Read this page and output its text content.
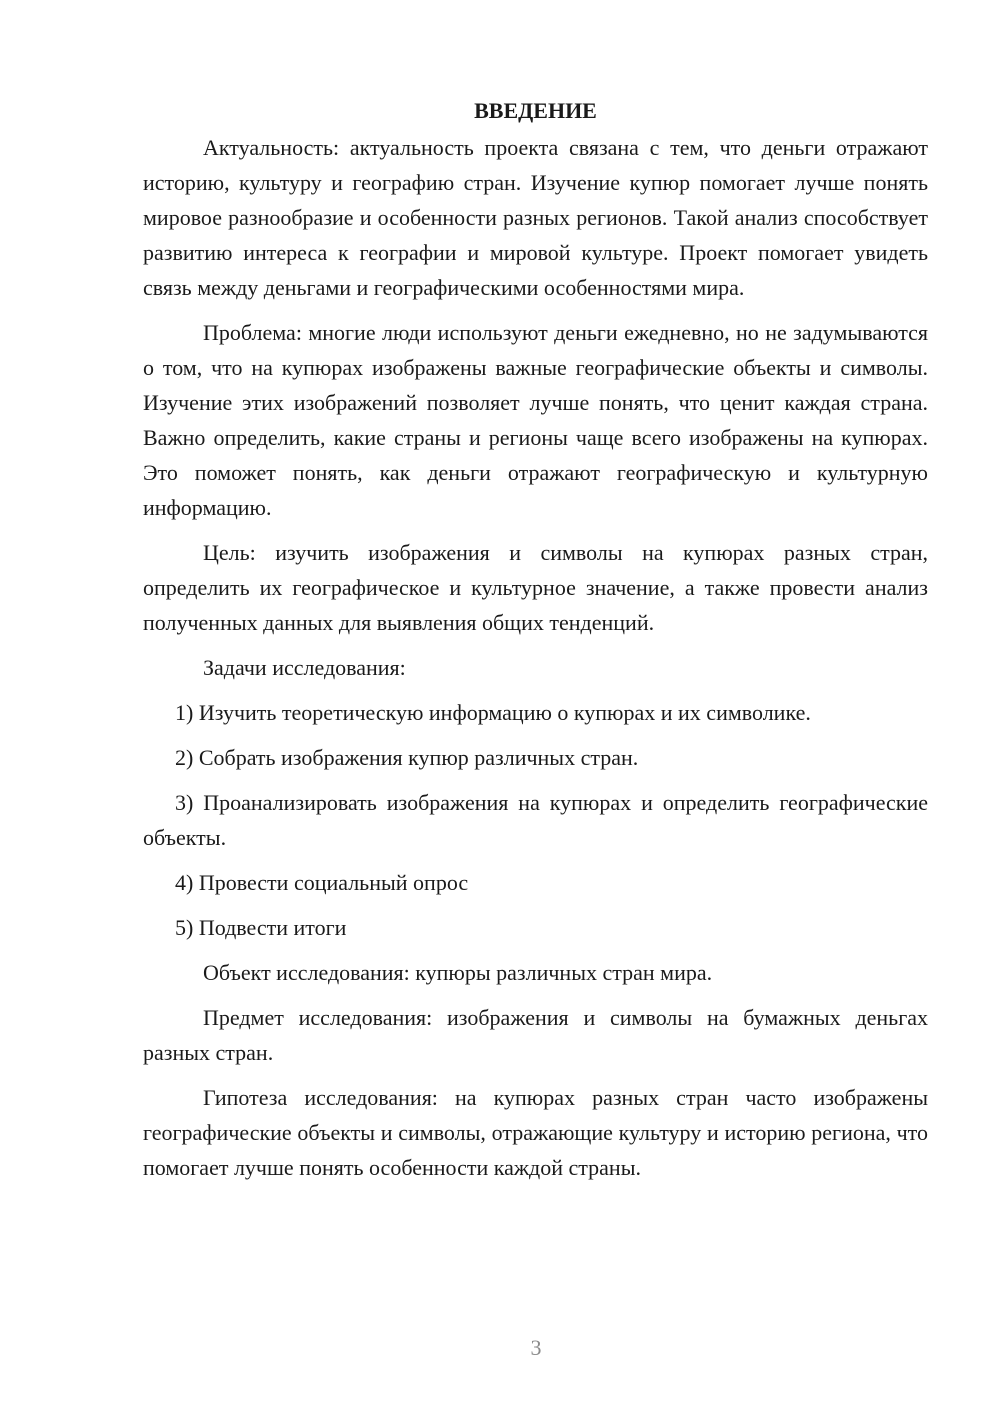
ВВЕДЕНИЕ

Актуальность: актуальность проекта связана с тем, что деньги отражают историю, культуру и географию стран. Изучение купюр помогает лучше понять мировое разнообразие и особенности разных регионов. Такой анализ способствует развитию интереса к географии и мировой культуре. Проект помогает увидеть связь между деньгами и географическими особенностями мира.

Проблема: многие люди используют деньги ежедневно, но не задумываются о том, что на купюрах изображены важные географические объекты и символы. Изучение этих изображений позволяет лучше понять, что ценит каждая страна. Важно определить, какие страны и регионы чаще всего изображены на купюрах. Это поможет понять, как деньги отражают географическую и культурную информацию.

Цель: изучить изображения и символы на купюрах разных стран, определить их географическое и культурное значение, а также провести анализ полученных данных для выявления общих тенденций.

Задачи исследования:

1) Изучить теоретическую информацию о купюрах и их символике.

2) Собрать изображения купюр различных стран.

3) Проанализировать изображения на купюрах и определить географические объекты.

4) Провести социальный опрос

5) Подвести итоги

Объект исследования: купюры различных стран мира.

Предмет исследования: изображения и символы на бумажных деньгах разных стран.

Гипотеза исследования: на купюрах разных стран часто изображены географические объекты и символы, отражающие культуру и историю региона, что помогает лучше понять особенности каждой страны.

3
